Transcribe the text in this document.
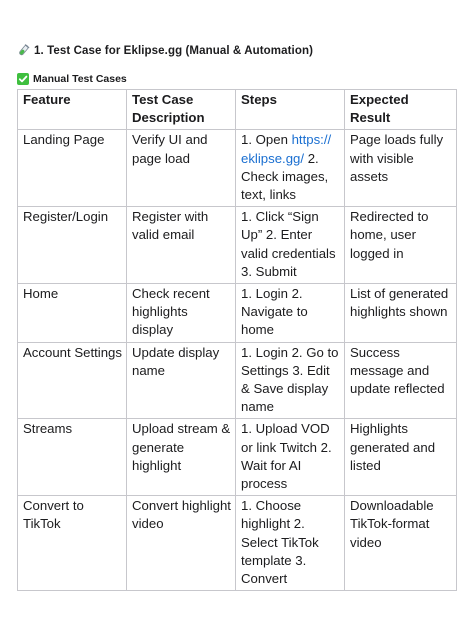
1. Test Case for Eklipse.gg (Manual & Automation)
Manual Test Cases
Feature	Test Case Description	Steps	Expected Result
Landing Page	Verify UI and page load	1. Open https://​eklipse.gg/ 2. Check images, text, links	Page loads fully with visible assets
Register/Login	Register with valid email	1. Click “Sign Up” 2. Enter valid credentials 3. Submit	Redirected to home, user logged in
Home	Check recent highlights display	1. Login 2. Navigate to home	List of generated highlights shown
Account Settings	Update display name	1. Login 2. Go to Settings 3. Edit & Save display name	Success message and update reflected
Streams	Upload stream & generate highlight	1. Upload VOD or link Twitch 2. Wait for AI process	Highlights generated and listed
Convert to TikTok	Convert highlight video	1. Choose highlight 2. Select TikTok template 3. Convert	Downloadable TikTok-format video
